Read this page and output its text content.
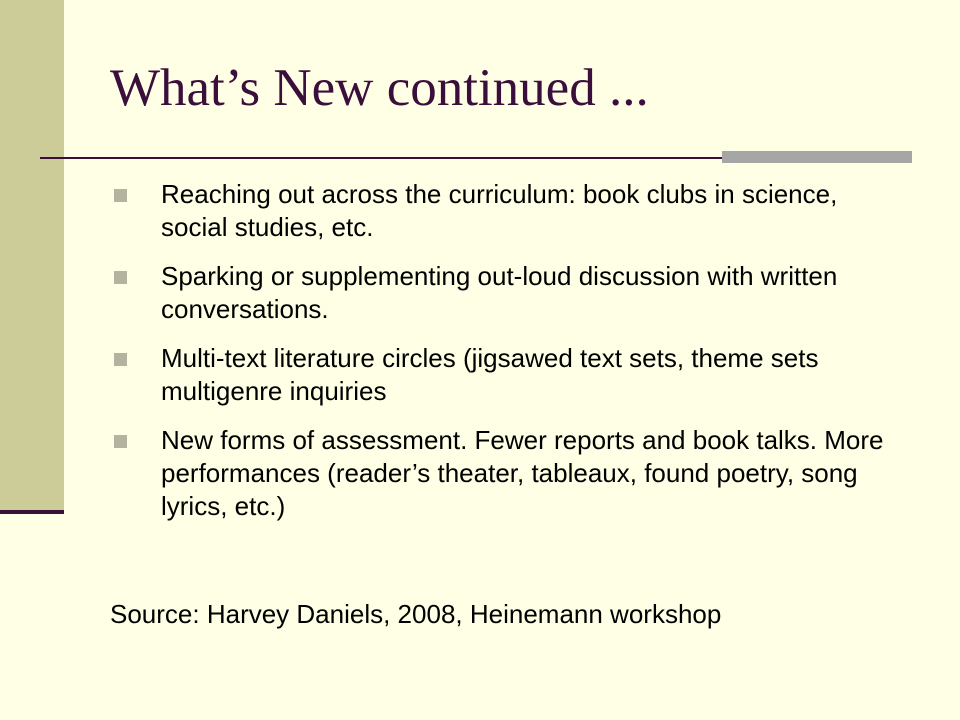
What’s New continued ...
Reaching out across the curriculum: book clubs in science, social studies, etc.
Sparking or supplementing out-loud discussion with written conversations.
Multi-text literature circles (jigsawed text sets, theme sets multigenre inquiries
New forms of assessment. Fewer reports and book talks. More performances (reader’s theater, tableaux, found poetry, song lyrics, etc.)

Source: Harvey Daniels, 2008, Heinemann workshop
